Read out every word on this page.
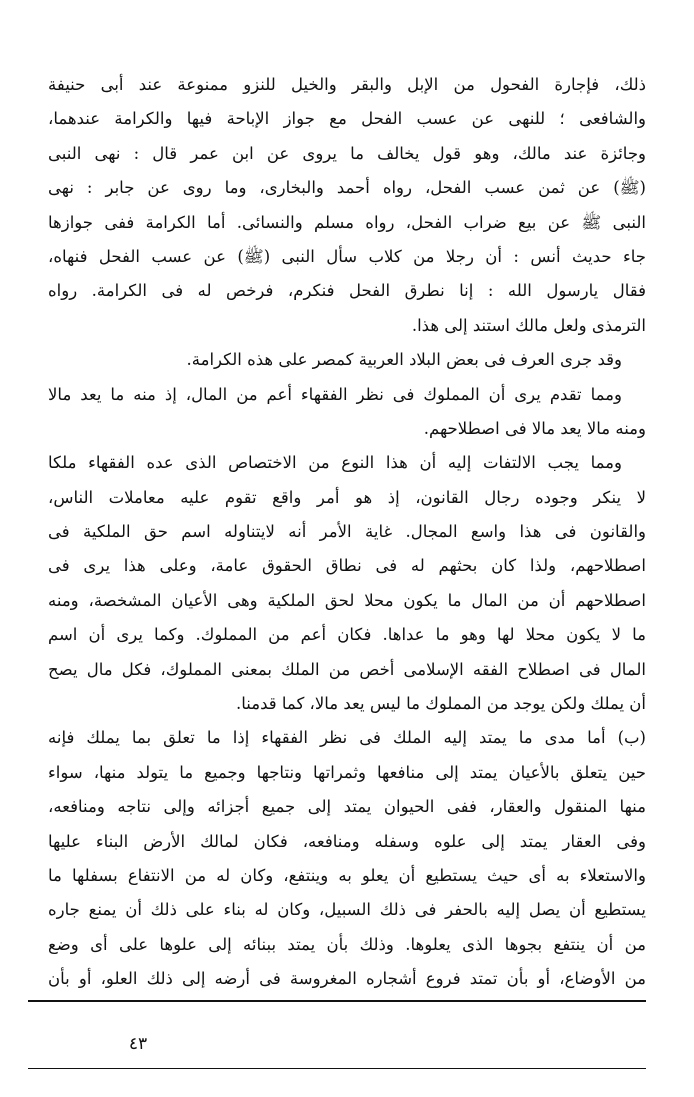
ذلك، فإجارة الفحول من الإبل والبقر والخيل للنزو ممنوعة عند أبى حنيفة
والشافعى ؛ للنهى عن عسب الفحل مع جواز الإباحة فيها والكرامة عندهما،
وجائزة عند مالك، وهو قول يخالف ما يروى عن ابن عمر قال : نهى النبى
(ﷺ) عن ثمن عسب الفحل، رواه أحمد والبخارى، وما روى عن جابر : نهى
النبى ﷺ عن بيع ضراب الفحل، رواه مسلم والنسائى. أما الكرامة ففى جوازها
جاء حديث أنس : أن رجلا من كلاب سأل النبى (ﷺ) عن عسب الفحل فنهاه،
فقال يارسول الله : إنا نطرق الفحل فنكرم، فرخص له فى الكرامة. رواه
الترمذى ولعل مالك استند إلى هذا.
وقد جرى العرف فى بعض البلاد العربية كمصر على هذه الكرامة.
ومما تقدم يرى أن المملوك فى نظر الفقهاء أعم من المال، إذ منه ما يعد مالا
ومنه مالا يعد مالا فى اصطلاحهم.
ومما يجب الالتفات إليه أن هذا النوع من الاختصاص الذى عده الفقهاء ملكا
لا ينكر وجوده رجال القانون، إذ هو أمر واقع تقوم عليه معاملات الناس،
والقانون فى هذا واسع المجال. غاية الأمر أنه لايتناوله اسم حق الملكية فى
اصطلاحهم، ولذا كان بحثهم له فى نطاق الحقوق عامة، وعلى هذا يرى فى
اصطلاحهم أن من المال ما يكون محلا لحق الملكية وهى الأعيان المشخصة، ومنه
ما لا يكون محلا لها وهو ما عداها. فكان أعم من المملوك. وكما يرى أن اسم
المال فى اصطلاح الفقه الإسلامى أخص من الملك بمعنى المملوك، فكل مال يصح
أن يملك ولكن يوجد من المملوك ما ليس يعد مالا، كما قدمنا.
(ب) أما مدى ما يمتد إليه الملك فى نظر الفقهاء إذا ما تعلق بما يملك فإنه
حين يتعلق بالأعيان يمتد إلى منافعها وثمراتها ونتاجها وجميع ما يتولد منها، سواء
منها المنقول والعقار، ففى الحيوان يمتد إلى جميع أجزائه وإلى نتاجه ومنافعه،
وفى العقار يمتد إلى علوه وسفله ومنافعه، فكان لمالك الأرض البناء عليها
والاستعلاء به أى حيث يستطيع أن يعلو به وينتفع، وكان له من الانتفاع بسفلها ما
يستطيع أن يصل إليه بالحفر فى ذلك السبيل، وكان له بناء على ذلك أن يمنع جاره
من أن ينتفع بجوها الذى يعلوها. وذلك بأن يمتد ببنائه إلى علوها على أى وضع
من الأوضاع، أو بأن تمتد فروع أشجاره المغروسة فى أرضه إلى ذلك العلو، أو بأن
٤٣
